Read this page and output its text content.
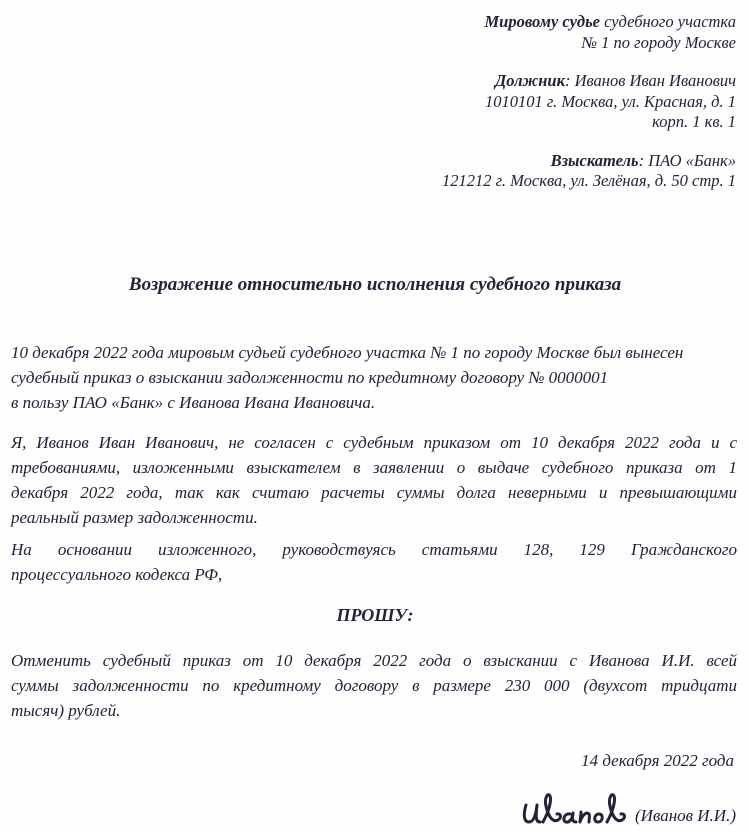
Мировому судье судебного участка
№ 1 по городу Москве
Должник: Иванов Иван Иванович
1010101 г. Москва, ул. Красная, д. 1
корп. 1 кв. 1
Взыскатель: ПАО «Банк»
121212 г. Москва, ул. Зелёная, д. 50 стр. 1
Возражение относительно исполнения судебного приказа
10 декабря 2022 года мировым судьей судебного участка № 1 по городу Москве был вынесен
судебный приказ о взыскании задолженности по кредитному договору № 0000001
в пользу ПАО «Банк» с Иванова Ивана Ивановича.
Я, Иванов Иван Иванович, не согласен с судебным приказом от 10 декабря 2022 года и с
требованиями, изложенными взыскателем в заявлении о выдаче судебного приказа от 1
декабря 2022 года, так как считаю расчеты суммы долга неверными и превышающими
реальный размер задолженности.
На основании изложенного, руководствуясь статьями 128, 129 Гражданского
процессуального кодекса РФ,
ПРОШУ:
Отменить судебный приказ от 10 декабря 2022 года о взыскании с Иванова И.И. всей
суммы задолженности по кредитному договору в размере 230 000 (двухсот тридцати
тысяч) рублей.
14 декабря 2022 года
(Иванов И.И.)
